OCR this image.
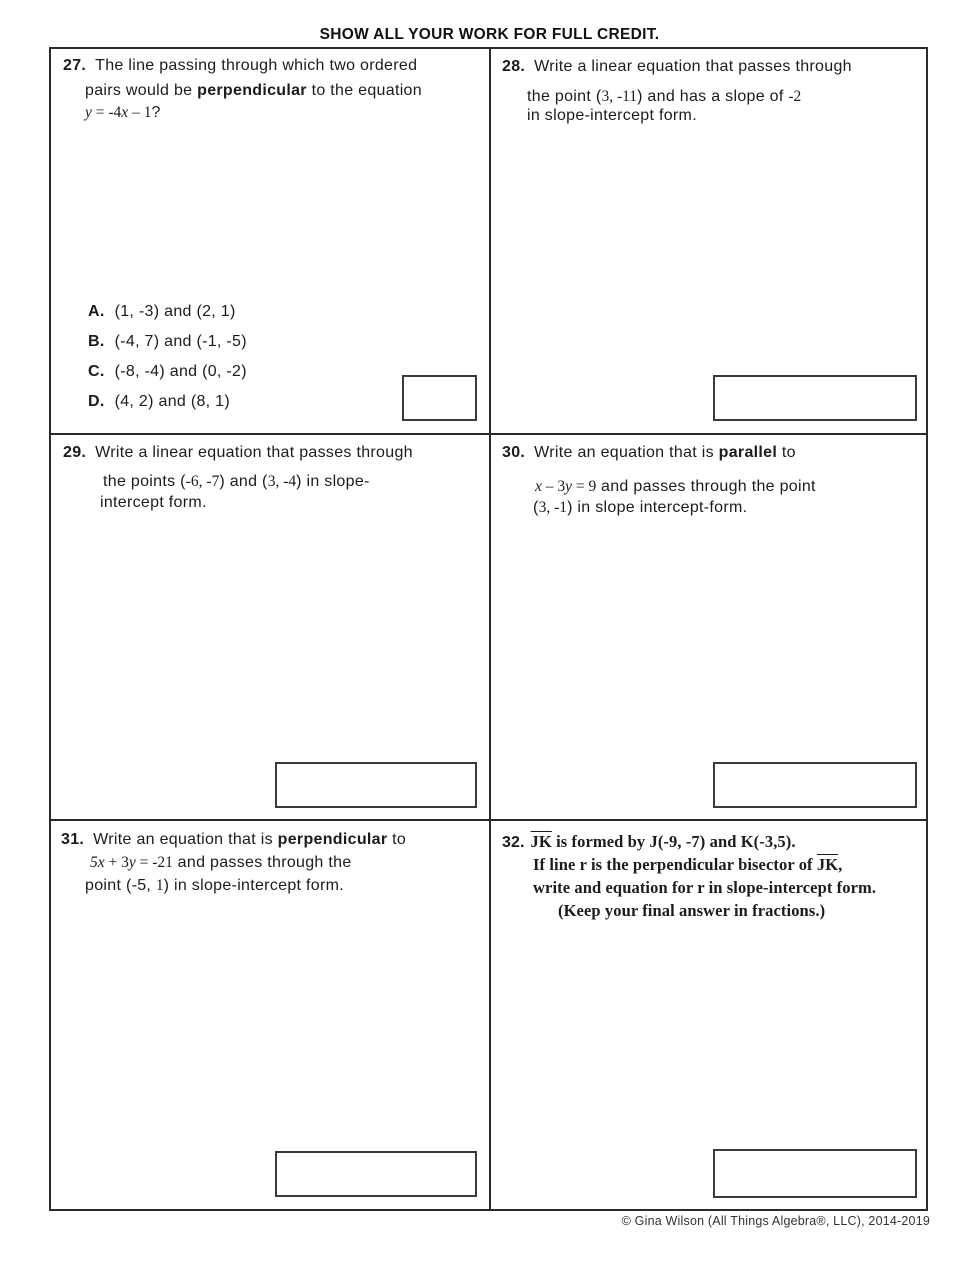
SHOW ALL YOUR WORK FOR FULL CREDIT.
27. The line passing through which two ordered
pairs would be perpendicular to the equation
y = -4x – 1?
A. (1, -3) and (2, 1)
B. (-4, 7) and (-1, -5)
C. (-8, -4) and (0, -2)
D. (4, 2) and (8, 1)
28. Write a linear equation that passes through
the point (3, -11) and has a slope of -2
in slope-intercept form.
29. Write a linear equation that passes through
the points (-6, -7) and (3, -4) in slope-
intercept form.
30. Write an equation that is parallel to
x – 3y = 9 and passes through the point
(3, -1) in slope intercept-form.
31. Write an equation that is perpendicular to
5x + 3y = -21 and passes through the
point (-5, 1) in slope-intercept form.
32. $\overline{JK}$ is formed by J(-9, -7) and K(-3,5).
If line r is the perpendicular bisector of $\overline{JK}$,
write and equation for r in slope-intercept form.
(Keep your final answer in fractions.)
© Gina Wilson (All Things Algebra®, LLC), 2014-2019
